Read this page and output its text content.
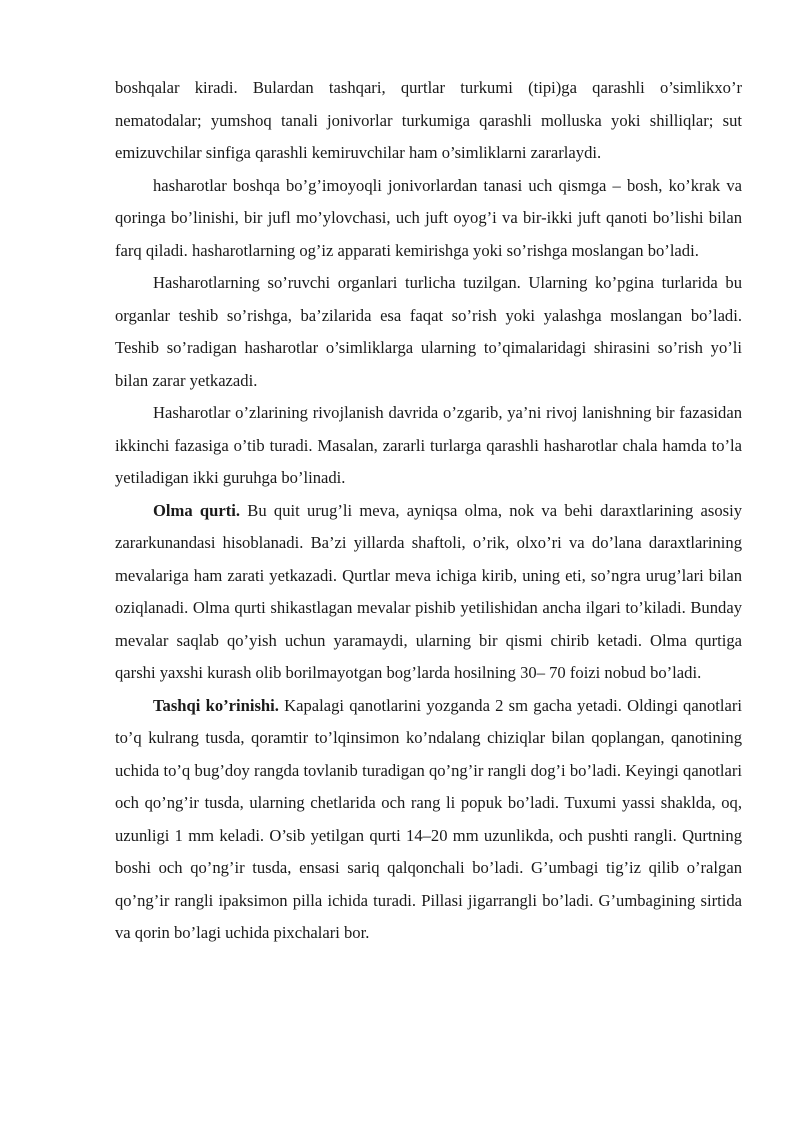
boshqalar kiradi. Bulardan tashqari, qurtlar turkumi (tipi)ga qarashli o’simlikxo’r nematodalar; yumshoq tanali jonivorlar turkumiga qarashli molluska yoki shilliqlar; sut emizuvchilar sinfiga qarashli kemiruvchilar ham o’simliklarni zararlaydi.

hasharotlar boshqa bo’g’imoyoqli jonivorlardan tanasi uch qismga – bosh, ko’krak va qoringa bo’linishi, bir jufl mo’ylovchasi, uch juft oyog’i va bir-ikki juft qanoti bo’lishi bilan farq qiladi. hasharotlarning og’iz apparati kemirishga yoki so’rishga moslangan bo’ladi.

Hasharotlarning so’ruvchi organlari turlicha tuzilgan. Ularning ko’pgina turlarida bu organlar teshib so’rishga, ba’zilarida esa faqat so’rish yoki yalashga moslangan bo’ladi. Teshib so’radigan hasharotlar o’simliklarga ularning to’qimalaridagi shirasini so’rish yo’li bilan zarar yetkazadi.

Hasharotlar o’zlarining rivojlanish davrida o’zgarib, ya’ni rivoj lanishning bir fazasidan ikkinchi fazasiga o’tib turadi. Masalan, zararli turlarga qarashli hasharotlar chala hamda to’la yetiladigan ikki guruhga bo’linadi.

Olma qurti. Bu quit urug’li meva, ayniqsa olma, nok va behi daraxtlarining asosiy zararkunandasi hisoblanadi. Ba’zi yillarda shaftoli, o’rik, olxo’ri va do’lana daraxtlarining mevalariga ham zarati yetkazadi. Qurtlar meva ichiga kirib, uning eti, so’ngra urug’lari bilan oziqlanadi. Olma qurti shikastlagan mevalar pishib yetilishidan ancha ilgari to’kiladi. Bunday mevalar saqlab qo’yish uchun yaramaydi, ularning bir qismi chirib ketadi. Olma qurtiga qarshi yaxshi kurash olib borilmayotgan bog’larda hosilning 30– 70 foizi nobud bo’ladi.

Tashqi ko’rinishi. Kapalagi qanotlarini yozganda 2 sm gacha yetadi. Oldingi qanotlari to’q kulrang tusda, qoramtir to’lqinsimon ko’ndalang chiziqlar bilan qoplangan, qanotining uchida to’q bug’doy rangda tovlanib turadigan qo’ng’ir rangli dog’i bo’ladi. Keyingi qanotlari och qo’ng’ir tusda, ularning chetlarida och rang li popuk bo’ladi. Tuxumi yassi shaklda, oq, uzunligi 1 mm keladi. O’sib yetilgan qurti 14–20 mm uzunlikda, och pushti rangli. Qurtning boshi och qo’ng’ir tusda, ensasi sariq qalqonchali bo’ladi. G’umbagi tig’iz qilib o’ralgan qo’ng’ir rangli ipaksimon pilla ichida turadi. Pillasi jigarrangli bo’ladi. G’umbagining sirtida va qorin bo’lagi uchida pixchalari bor.
